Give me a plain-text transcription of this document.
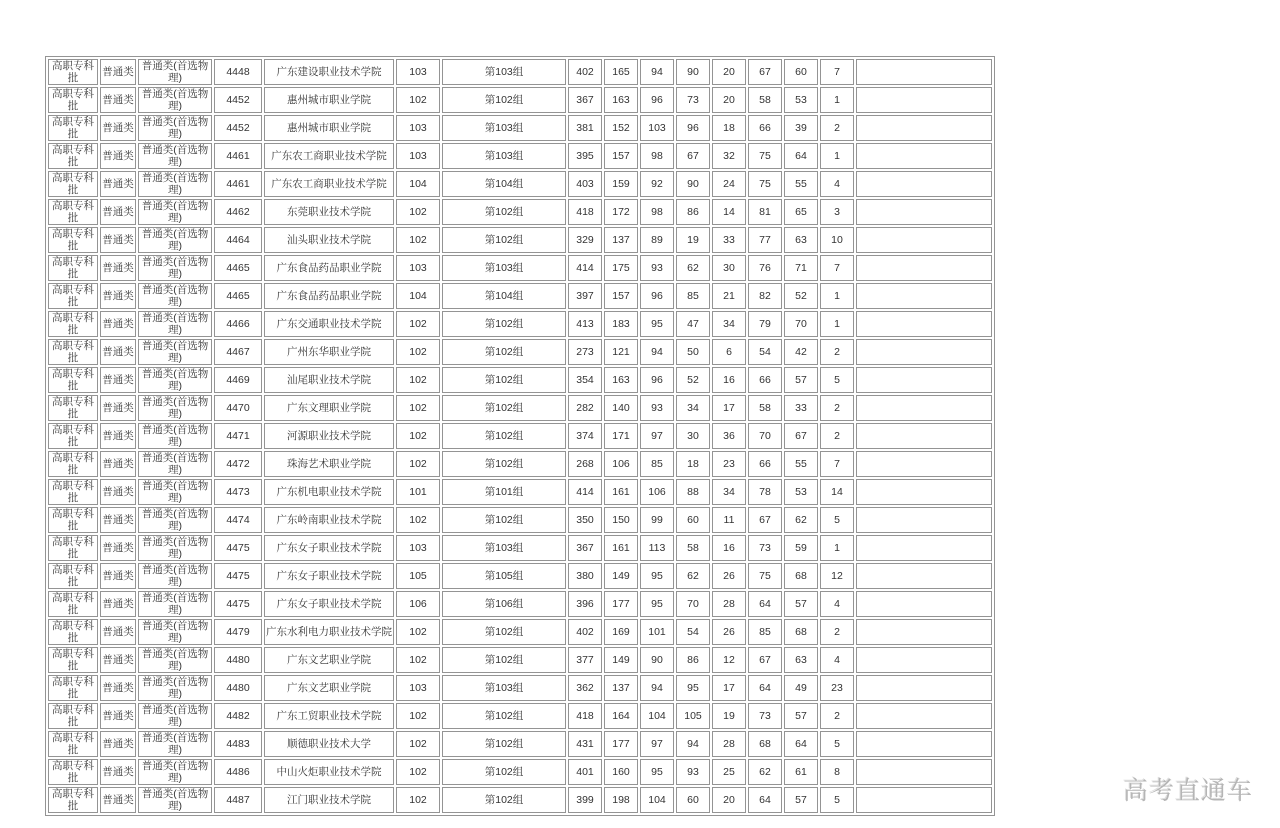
高职专科批	普通类	普通类(首选物理)	4448	广东建设职业技术学院	103	第103组	402	165	94	90	20	67	60	7	
高职专科批	普通类	普通类(首选物理)	4452	惠州城市职业学院	102	第102组	367	163	96	73	20	58	53	1	
高职专科批	普通类	普通类(首选物理)	4452	惠州城市职业学院	103	第103组	381	152	103	96	18	66	39	2	
高职专科批	普通类	普通类(首选物理)	4461	广东农工商职业技术学院	103	第103组	395	157	98	67	32	75	64	1	
高职专科批	普通类	普通类(首选物理)	4461	广东农工商职业技术学院	104	第104组	403	159	92	90	24	75	55	4	
高职专科批	普通类	普通类(首选物理)	4462	东莞职业技术学院	102	第102组	418	172	98	86	14	81	65	3	
高职专科批	普通类	普通类(首选物理)	4464	汕头职业技术学院	102	第102组	329	137	89	19	33	77	63	10	
高职专科批	普通类	普通类(首选物理)	4465	广东食品药品职业学院	103	第103组	414	175	93	62	30	76	71	7	
高职专科批	普通类	普通类(首选物理)	4465	广东食品药品职业学院	104	第104组	397	157	96	85	21	82	52	1	
高职专科批	普通类	普通类(首选物理)	4466	广东交通职业技术学院	102	第102组	413	183	95	47	34	79	70	1	
高职专科批	普通类	普通类(首选物理)	4467	广州东华职业学院	102	第102组	273	121	94	50	6	54	42	2	
高职专科批	普通类	普通类(首选物理)	4469	汕尾职业技术学院	102	第102组	354	163	96	52	16	66	57	5	
高职专科批	普通类	普通类(首选物理)	4470	广东文理职业学院	102	第102组	282	140	93	34	17	58	33	2	
高职专科批	普通类	普通类(首选物理)	4471	河源职业技术学院	102	第102组	374	171	97	30	36	70	67	2	
高职专科批	普通类	普通类(首选物理)	4472	珠海艺术职业学院	102	第102组	268	106	85	18	23	66	55	7	
高职专科批	普通类	普通类(首选物理)	4473	广东机电职业技术学院	101	第101组	414	161	106	88	34	78	53	14	
高职专科批	普通类	普通类(首选物理)	4474	广东岭南职业技术学院	102	第102组	350	150	99	60	11	67	62	5	
高职专科批	普通类	普通类(首选物理)	4475	广东女子职业技术学院	103	第103组	367	161	113	58	16	73	59	1	
高职专科批	普通类	普通类(首选物理)	4475	广东女子职业技术学院	105	第105组	380	149	95	62	26	75	68	12	
高职专科批	普通类	普通类(首选物理)	4475	广东女子职业技术学院	106	第106组	396	177	95	70	28	64	57	4	
高职专科批	普通类	普通类(首选物理)	4479	广东水利电力职业技术学院	102	第102组	402	169	101	54	26	85	68	2	
高职专科批	普通类	普通类(首选物理)	4480	广东文艺职业学院	102	第102组	377	149	90	86	12	67	63	4	
高职专科批	普通类	普通类(首选物理)	4480	广东文艺职业学院	103	第103组	362	137	94	95	17	64	49	23	
高职专科批	普通类	普通类(首选物理)	4482	广东工贸职业技术学院	102	第102组	418	164	104	105	19	73	57	2	
高职专科批	普通类	普通类(首选物理)	4483	顺德职业技术大学	102	第102组	431	177	97	94	28	68	64	5	
高职专科批	普通类	普通类(首选物理)	4486	中山火炬职业技术学院	102	第102组	401	160	95	93	25	62	61	8	
高职专科批	普通类	普通类(首选物理)	4487	江门职业技术学院	102	第102组	399	198	104	60	20	64	57	5		高考直通车
